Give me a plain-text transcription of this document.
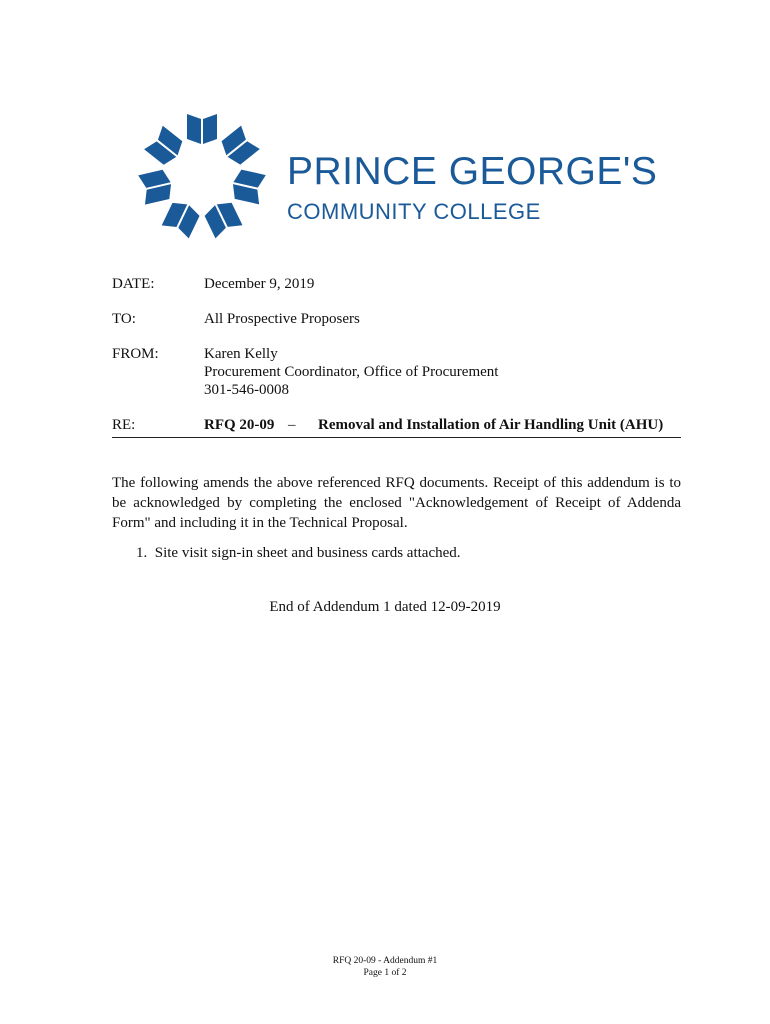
PRINCE GEORGE'S
COMMUNITY COLLEGE
DATE:	December 9, 2019
TO:	All Prospective Proposers
FROM:	Karen Kelly
Procurement Coordinator, Office of Procurement
301-546-0008
RE:	RFQ 20-09 – Removal and Installation of Air Handling Unit (AHU)
The following amends the above referenced RFQ documents. Receipt of this addendum is to be acknowledged by completing the enclosed "Acknowledgement of Receipt of Addenda Form" and including it in the Technical Proposal.
1. Site visit sign-in sheet and business cards attached.
End of Addendum 1 dated 12-09-2019
RFQ 20-09 - Addendum #1
Page 1 of 2
